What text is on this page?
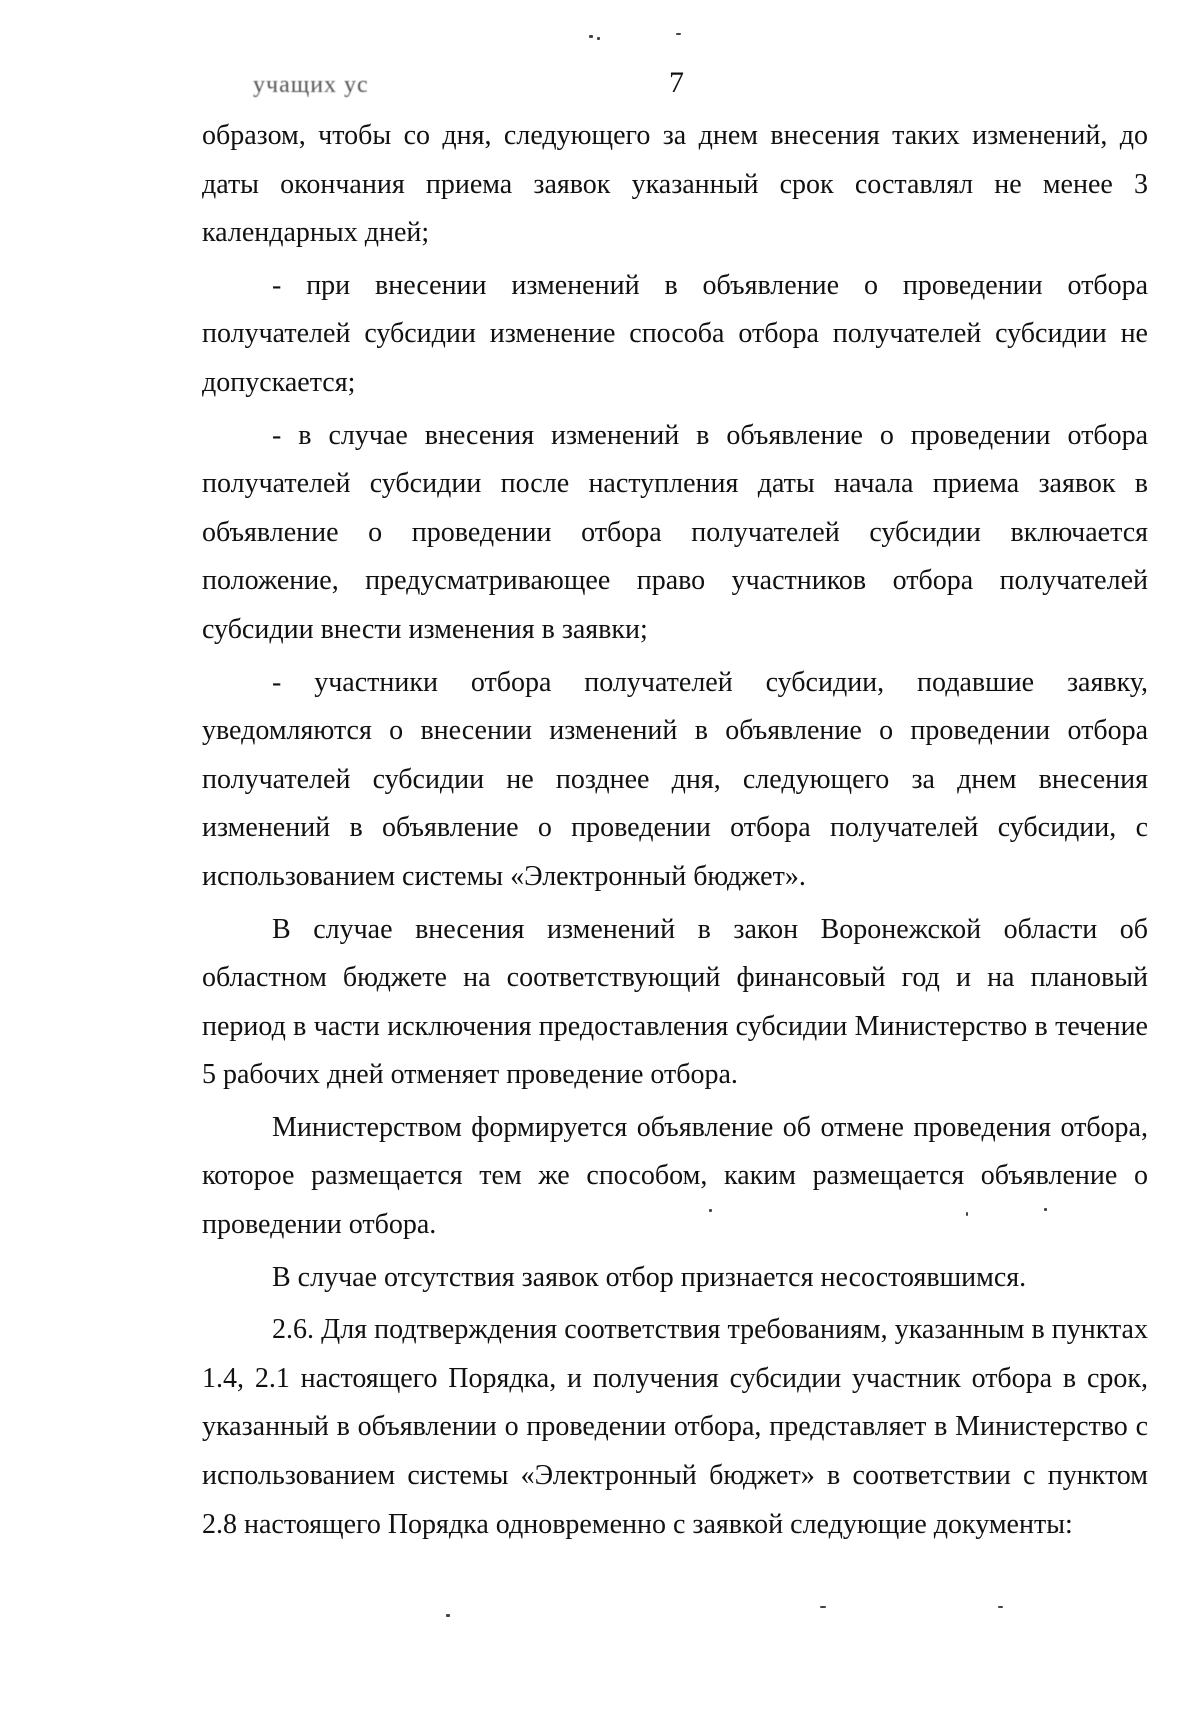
учащих ус	7

образом, чтобы со дня, следующего за днем внесения таких изменений, до даты окончания приема заявок указанный срок составлял не менее 3 календарных дней;

- при внесении изменений в объявление о проведении отбора получателей субсидии изменение способа отбора получателей субсидии не допускается;

- в случае внесения изменений в объявление о проведении отбора получателей субсидии после наступления даты начала приема заявок в объявление о проведении отбора получателей субсидии включается положение, предусматривающее право участников отбора получателей субсидии внести изменения в заявки;

- участники отбора получателей субсидии, подавшие заявку, уведомляются о внесении изменений в объявление о проведении отбора получателей субсидии не позднее дня, следующего за днем внесения изменений в объявление о проведении отбора получателей субсидии, с использованием системы «Электронный бюджет».

В случае внесения изменений в закон Воронежской области об областном бюджете на соответствующий финансовый год и на плановый период в части исключения предоставления субсидии Министерство в течение 5 рабочих дней отменяет проведение отбора.

Министерством формируется объявление об отмене проведения отбора, которое размещается тем же способом, каким размещается объявление о проведении отбора.

В случае отсутствия заявок отбор признается несостоявшимся.

2.6. Для подтверждения соответствия требованиям, указанным в пунктах 1.4, 2.1 настоящего Порядка, и получения субсидии участник отбора в срок, указанный в объявлении о проведении отбора, представляет в Министерство с использованием системы «Электронный бюджет» в соответствии с пунктом 2.8 настоящего Порядка одновременно с заявкой следующие документы:
